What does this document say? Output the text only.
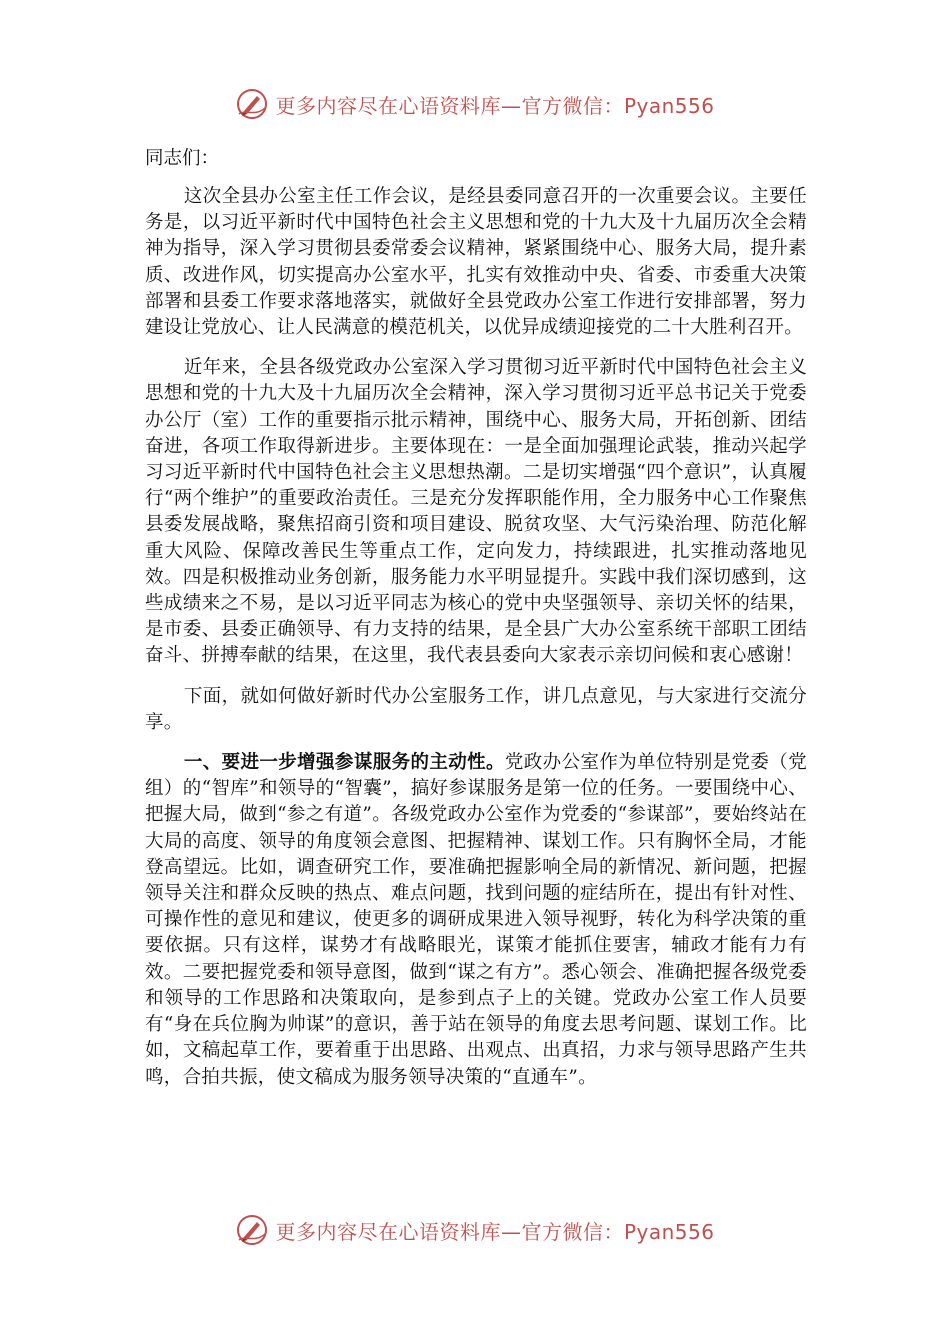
更多内容尽在心语资料库—官方微信：Pyan556
同志们：

这次全县办公室主任工作会议，是经县委同意召开的一次重要会议。主要任务是，以习近平新时代中国特色社会主义思想和党的十九大及十九届历次全会精神为指导，深入学习贯彻县委常委会议精神，紧紧围绕中心、服务大局，提升素质、改进作风，切实提高办公室水平，扎实有效推动中央、省委、市委重大决策部署和县委工作要求落地落实，就做好全县党政办公室工作进行安排部署，努力建设让党放心、让人民满意的模范机关，以优异成绩迎接党的二十大胜利召开。

近年来，全县各级党政办公室深入学习贯彻习近平新时代中国特色社会主义思想和党的十九大及十九届历次全会精神，深入学习贯彻习近平总书记关于党委办公厅（室）工作的重要指示批示精神，围绕中心、服务大局，开拓创新、团结奋进，各项工作取得新进步。主要体现在：一是全面加强理论武装，推动兴起学习习近平新时代中国特色社会主义思想热潮。二是切实增强“四个意识”，认真履行“两个维护”的重要政治责任。三是充分发挥职能作用，全力服务中心工作聚焦县委发展战略，聚焦招商引资和项目建设、脱贫攻坚、大气污染治理、防范化解重大风险、保障改善民生等重点工作，定向发力，持续跟进，扎实推动落地见效。四是积极推动业务创新，服务能力水平明显提升。实践中我们深切感到，这些成绩来之不易，是以习近平同志为核心的党中央坚强领导、亲切关怀的结果，是市委、县委正确领导、有力支持的结果，是全县广大办公室系统干部职工团结奋斗、拼搏奉献的结果，在这里，我代表县委向大家表示亲切问候和衷心感谢！

下面，就如何做好新时代办公室服务工作，讲几点意见，与大家进行交流分享。

一、要进一步增强参谋服务的主动性。党政办公室作为单位特别是党委（党组）的“智库”和领导的“智囊”，搞好参谋服务是第一位的任务。一要围绕中心、把握大局，做到“参之有道”。各级党政办公室作为党委的“参谋部”，要始终站在大局的高度、领导的角度领会意图、把握精神、谋划工作。只有胸怀全局，才能登高望远。比如，调查研究工作，要准确把握影响全局的新情况、新问题，把握领导关注和群众反映的热点、难点问题，找到问题的症结所在，提出有针对性、可操作性的意见和建议，使更多的调研成果进入领导视野，转化为科学决策的重要依据。只有这样，谋势才有战略眼光，谋策才能抓住要害，辅政才能有力有效。二要把握党委和领导意图，做到“谋之有方”。悉心领会、准确把握各级党委和领导的工作思路和决策取向，是参到点子上的关键。党政办公室工作人员要有“身在兵位胸为帅谋”的意识，善于站在领导的角度去思考问题、谋划工作。比如，文稿起草工作，要着重于出思路、出观点、出真招，力求与领导思路产生共鸣，合拍共振，使文稿成为服务领导决策的“直通车”。

更多内容尽在心语资料库—官方微信：Pyan556
